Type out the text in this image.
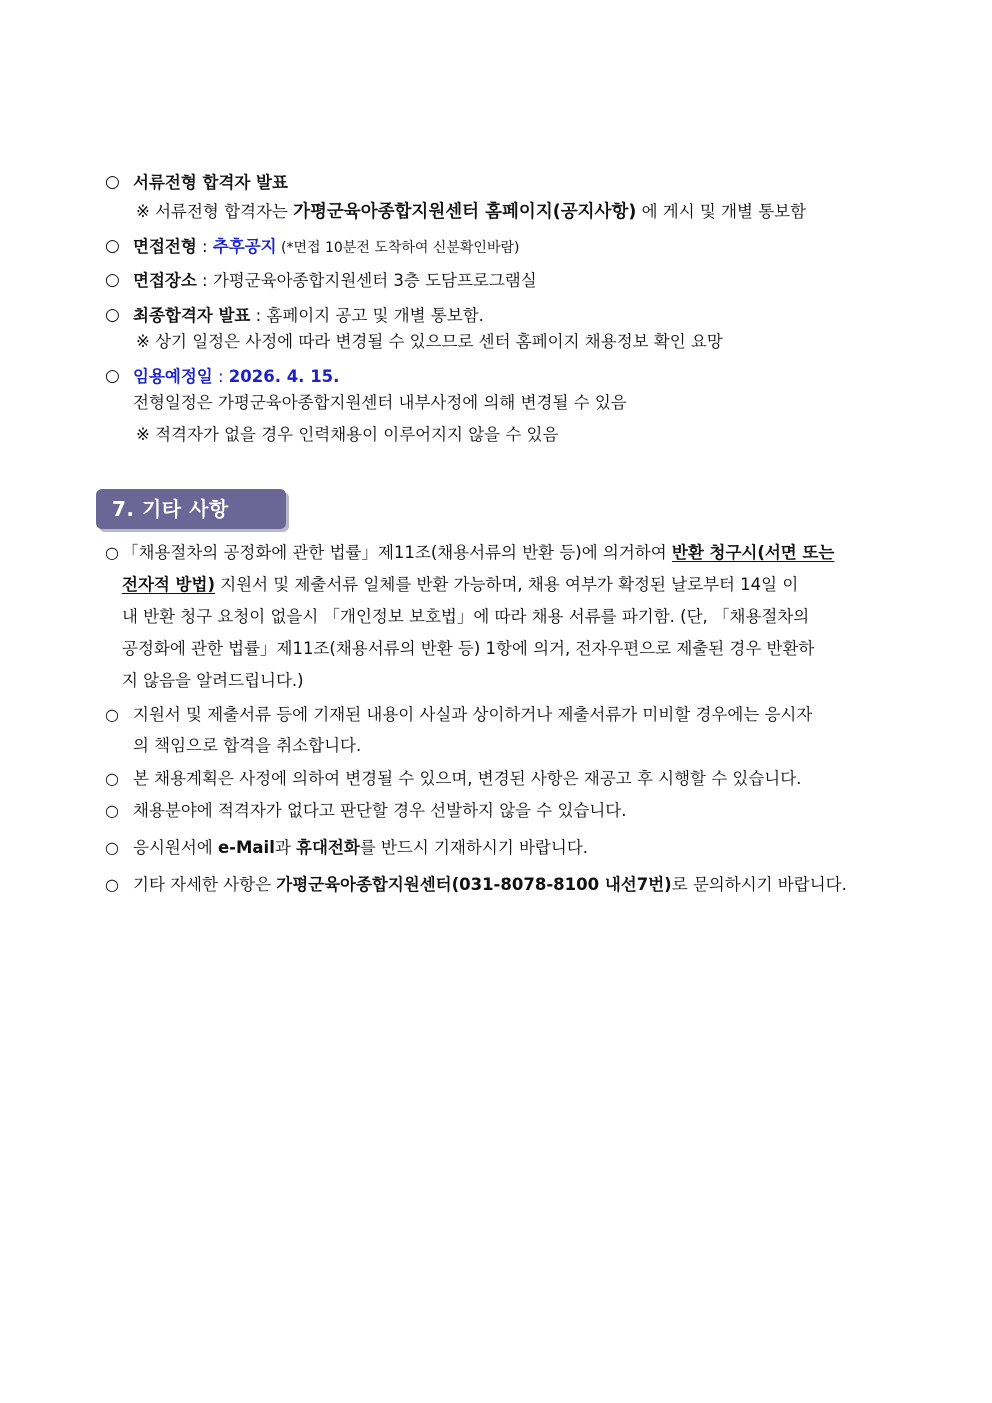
○ 서류전형 합격자 발표
※ 서류전형 합격자는 가평군육아종합지원센터 홈페이지(공지사항) 에 게시 및 개별 통보함
○ 면접전형 : 추후공지 (*면접 10분전 도착하여 신분확인바람)
○ 면접장소 : 가평군육아종합지원센터 3층 도담프로그램실
○ 최종합격자 발표 : 홈페이지 공고 및 개별 통보함.
※ 상기 일정은 사정에 따라 변경될 수 있으므로 센터 홈페이지 채용정보 확인 요망
○ 임용예정일 : 2026. 4. 15.
전형일정은 가평군육아종합지원센터 내부사정에 의해 변경될 수 있음
※ 적격자가 없을 경우 인력채용이 이루어지지 않을 수 있음
7. 기타 사항
○ 「채용절차의 공정화에 관한 법률」제11조(채용서류의 반환 등)에 의거하여 반환 청구시(서면 또는
전자적 방법) 지원서 및 제출서류 일체를 반환 가능하며, 채용 여부가 확정된 날로부터 14일 이
내 반환 청구 요청이 없을시 「개인정보 보호법」에 따라 채용 서류를 파기함. (단, 「채용절차의
공정화에 관한 법률」제11조(채용서류의 반환 등) 1항에 의거, 전자우편으로 제출된 경우 반환하
지 않음을 알려드립니다.)
○ 지원서 및 제출서류 등에 기재된 내용이 사실과 상이하거나 제출서류가 미비할 경우에는 응시자
의 책임으로 합격을 취소합니다.
○ 본 채용계획은 사정에 의하여 변경될 수 있으며, 변경된 사항은 재공고 후 시행할 수 있습니다.
○ 채용분야에 적격자가 없다고 판단할 경우 선발하지 않을 수 있습니다.
○ 응시원서에 e-Mail과 휴대전화를 반드시 기재하시기 바랍니다.
○ 기타 자세한 사항은 가평군육아종합지원센터(031-8078-8100 내선7번)로 문의하시기 바랍니다.
